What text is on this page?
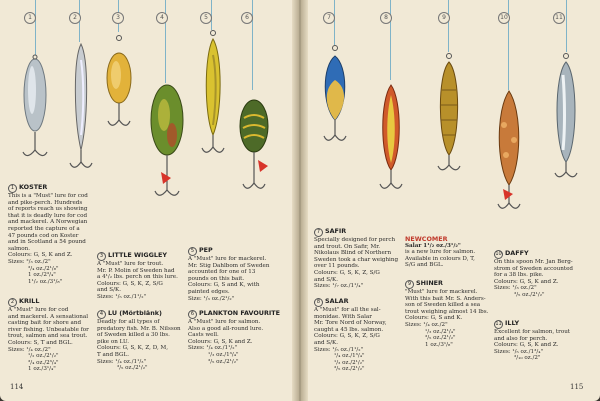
1	2	3	4	5	6	7	8	9	10	11
1 KOSTER
This is a "Must" lure for cod
and pike-perch. Hundreds
of reports reach us showing
that it is deadly lure for cod
and mackerel. A Norwegian
reported the capture of a
47 pounds cod on Koster
and in Scotland a 54 pound
salmon.
Colours: G, S, K and Z.
Sizes: ²/₃ oz./2"
³/₄ oz./2¹/₈"
1 oz./2³/₄"
1¹/₂ oz./3¹/₈"
2 KRILL
A "Must" lure for cod
and mackerel. A sensational
casting bait for shore and
river fishing. Unbeatable for
trout, salmon and sea trout.
Colours: S, T and BGL.
Sizes: ¹/₄ oz./2"
¹/₂ oz./2¹/₂"
³/₄ oz./2³/₄"
1 oz./3¹/₄"
3 LITTLE WIGGLEY
A "Must" lure for trout.
Mr. P. Molin of Sweden had
a 4¹/₂ lbs. perch on this lure.
Colours: G, S, K, Z, S/G
and S/K.
Sizes: ¹/₅ oz./1¹/₂"
4 LU (Mörtblänk)
Deadly for all types of
predatory fish. Mr. B. Nilsson
of Sweden killed a 30 lbs.
pike on LU.
Colours: G, S, K, Z, D, M,
T and BGL.
Sizes: ¹/₄ oz./1¹/₃"
³/₅ oz./2¹/₂"
5 PEP
A "Must" lure for mackerel.
Mr. Stig Dahlbom of Sweden
accounted for one of 13
pounds on this bait.
Colours: G, S and K, with
painted edges.
Size: ¹/₃ oz./2¹/₂"
6 PLANKTON FAVOURITE
A "Must" lure for salmon.
Also a good all-round lure.
Casts well.
Colours: G, S, K and Z.
Sizes: ¹/₄ oz./1¹/₂"
¹/₃ oz./1³/₄"
³/₅ oz./2¹/₂"
7 SAFIR
Specially designed for perch
and trout. On Safir, Mr.
Nikolaus Blind of Northern
Sweden took a char weighing
over 11 pounds.
Colours: G, S, K, Z, S/G
and S/K.
Sizes: ¹/₇ oz./1¹/₄"
8 SALAR
A "Must" for all the sal-
monidae. With Salar
Mr. Tore Nord of Norway,
caught a 45 lbs. salmon.
Colours: G, S, K, Z, S/G
and S/K.
Sizes: ¹/₅ oz./1¹/₂"
¹/₄ oz./1³/₄"
¹/₃ oz./2¹/₂"
³/₅ oz./2¹/₂"
NEWCOMER
Salar 1¹/₂ oz./3¹/₂"
is a new lure for salmon.
Available in colours D, T,
S/G and BGL.
9 SHINER
"Must" lure for mackerel.
With this bait Mr. S. Anders-
son of Sweden killed a sea
trout weighing almost 14 lbs.
Colours: G, S and K.
Sizes: ¹/₄ oz./2"
¹/₃ oz./2¹/₄"
³/₅ oz./2¹/₂"
1 oz./3¹/₈"
10 DAFFY
On this spoon Mr. Jan Berg-
strom of Sweden accounted
for a 38 lbs. pike.
Colours: G, S, K and Z.
Sizes: ¹/₃ oz./2"
³/₅ oz./2¹/₂"
11 ILLY
Excellent for salmon, trout
and also for perch.
Colours: G, S, K and Z.
Sizes: ¹/₅ oz./1³/₄"
³/₁₀ oz./2"
114	115
